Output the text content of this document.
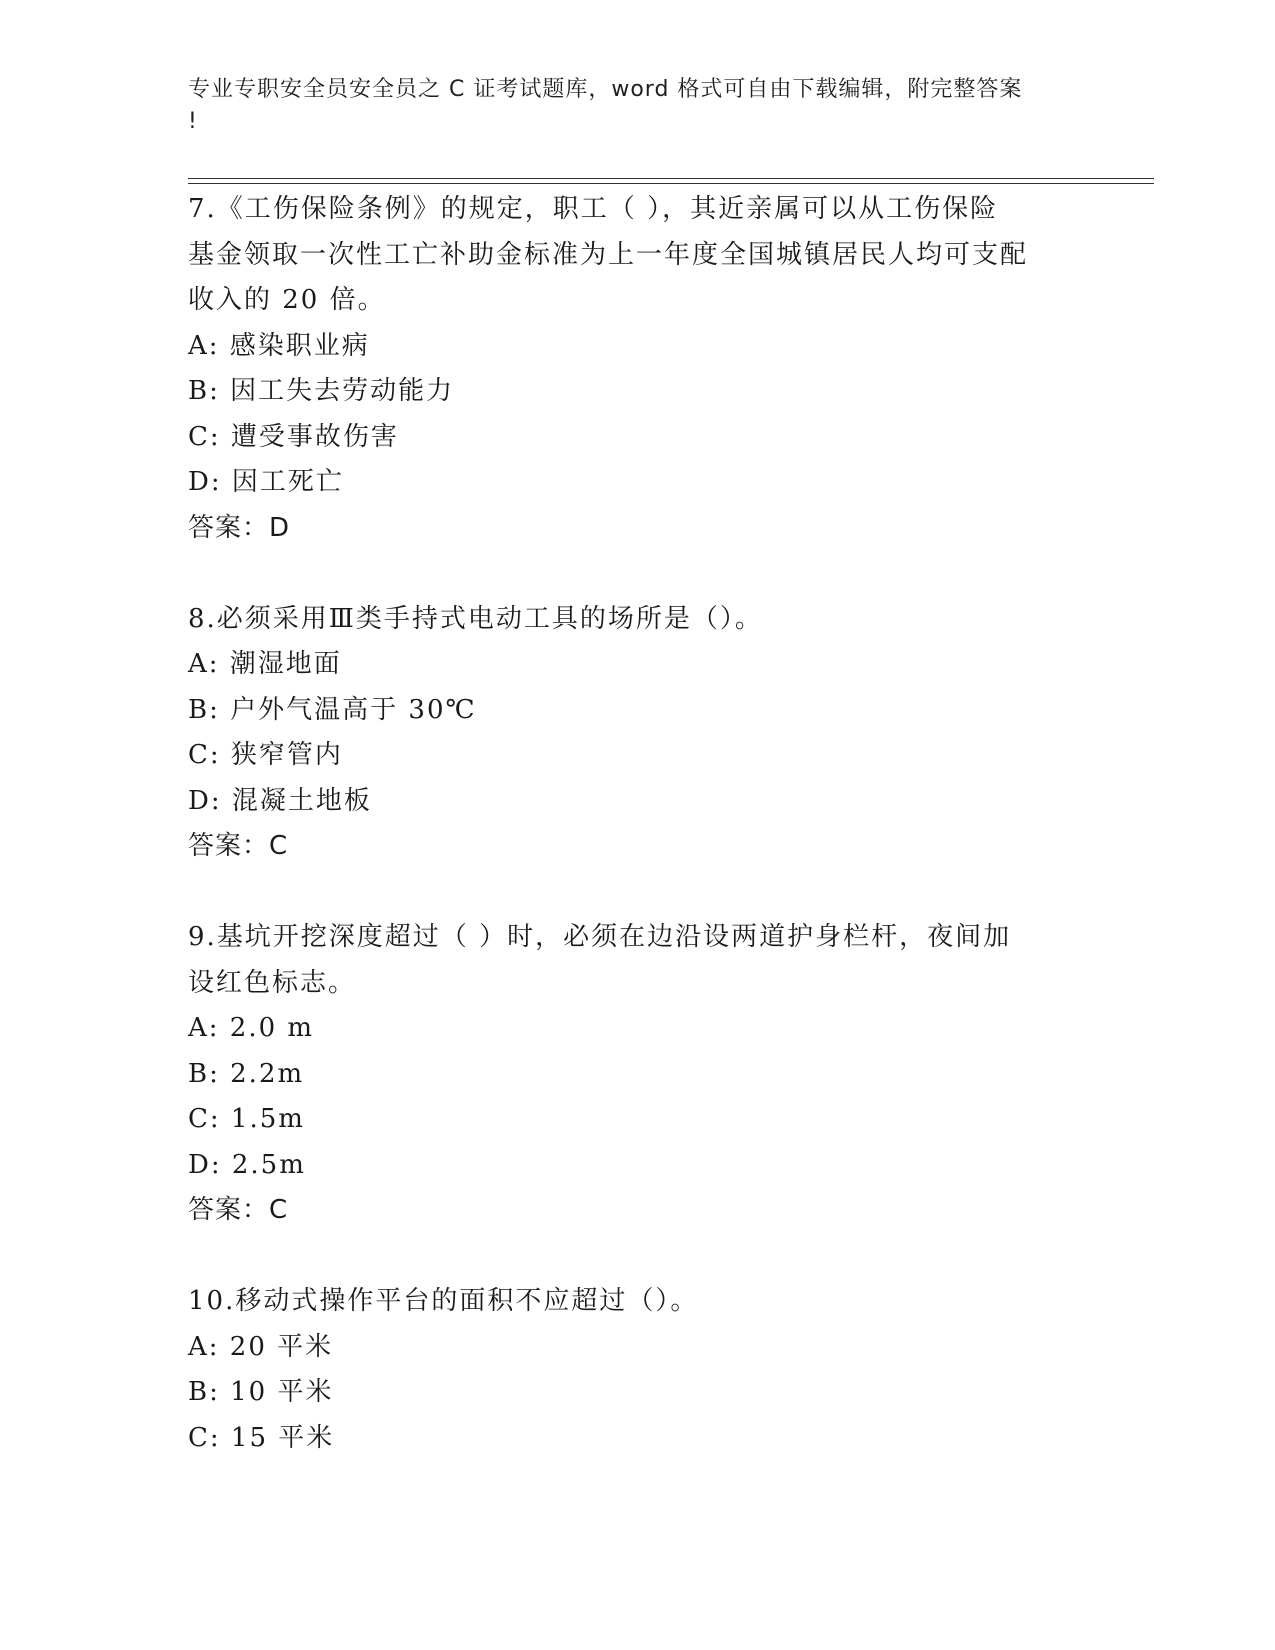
专业专职安全员安全员之 C 证考试题库，word 格式可自由下载编辑，附完整答案
!

7.《工伤保险条例》的规定，职工（ ），其近亲属可以从工伤保险

基金领取一次性工亡补助金标准为上一年度全国城镇居民人均可支配

收入的 20 倍。

A: 感染职业病

B: 因工失去劳动能力

C: 遭受事故伤害

D: 因工死亡

答案：D

8.必须采用Ⅲ类手持式电动工具的场所是（）。

A: 潮湿地面

B: 户外气温高于 30℃

C: 狭窄管内

D: 混凝土地板

答案：C

9.基坑开挖深度超过（ ）时，必须在边沿设两道护身栏杆，夜间加

设红色标志。

A: 2.0 m

B: 2.2m

C: 1.5m

D: 2.5m

答案：C

10.移动式操作平台的面积不应超过（）。

A: 20 平米

B: 10 平米

C: 15 平米
